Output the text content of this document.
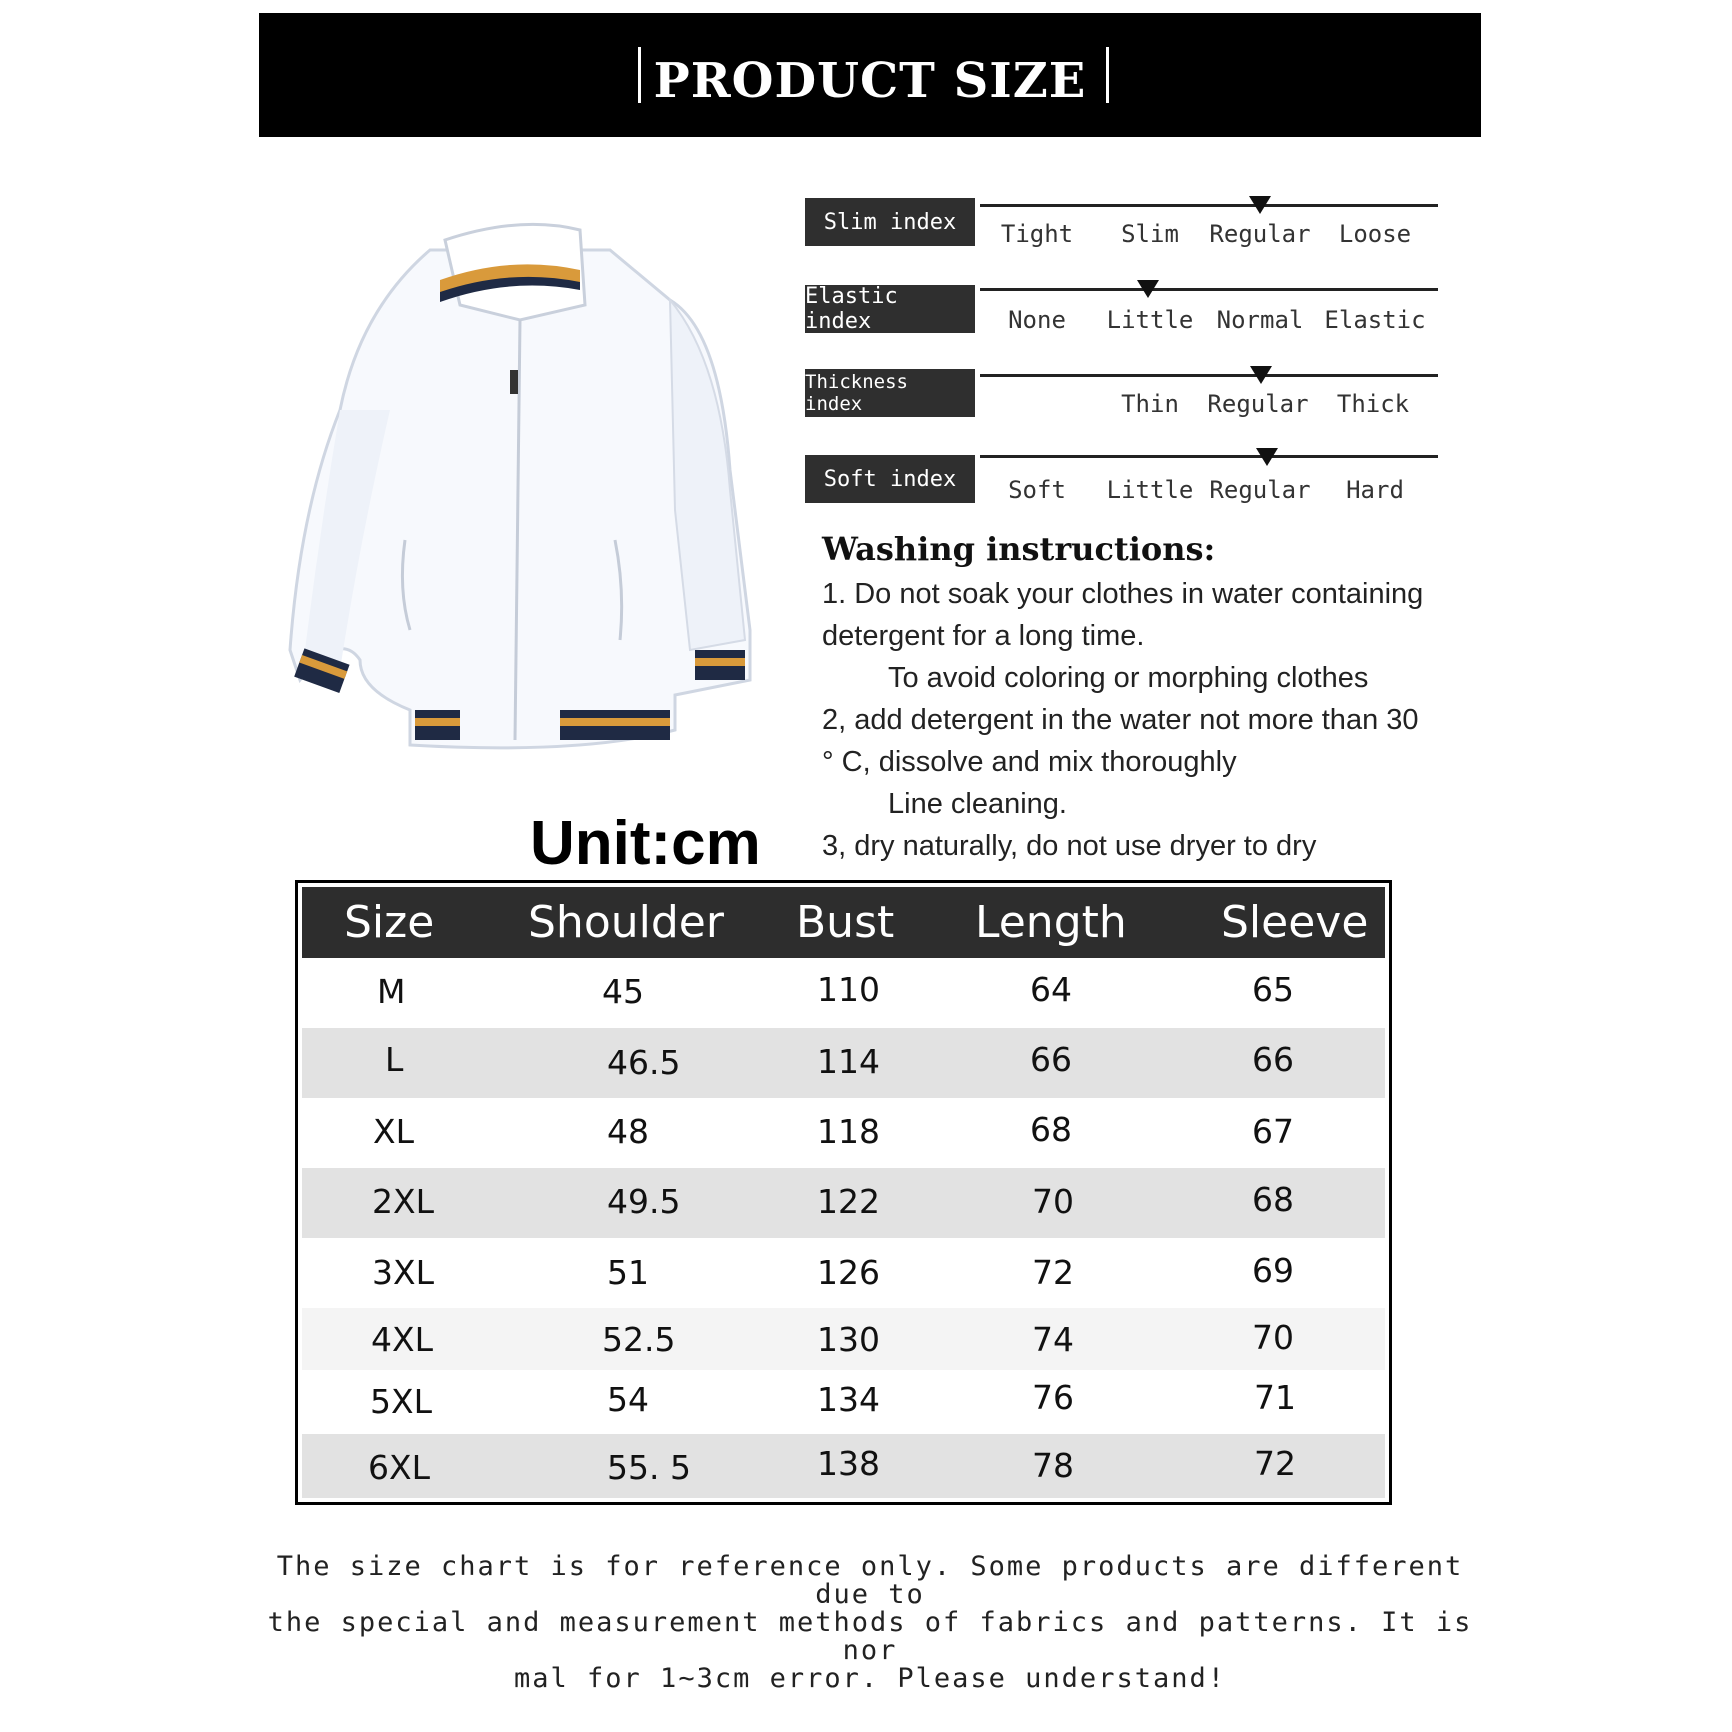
PRODUCT SIZE
Slim index	Tight	Slim	Regular	Loose
Elastic index	None	Little Normal Elastic
Thickness index	Thin	Regular	Thick
Soft index	Soft	Little Regular	Hard
Washing instructions:
1. Do not soak your clothes in water containing
detergent for a long time.
To avoid coloring or morphing clothes
2, add detergent in the water not more than 30
° C, dissolve and mix thoroughly
Line cleaning.
3, dry naturally, do not use dryer to dry
Unit:cm
Size Shoulder Bust Length Sleeve
M	45	110	64	65
L	46.5	114	66	66
XL	48	118	68	67
2XL	49.5	122	70	68
3XL	51	126	72	69
4XL	52.5	130	74	70
5XL	54	134	76	71
6XL	55. 5	138	78	72
The size chart is for reference only. Some products are different due to
the special and measurement methods of fabrics and patterns. It is nor
mal for 1~3cm error. Please understand!
